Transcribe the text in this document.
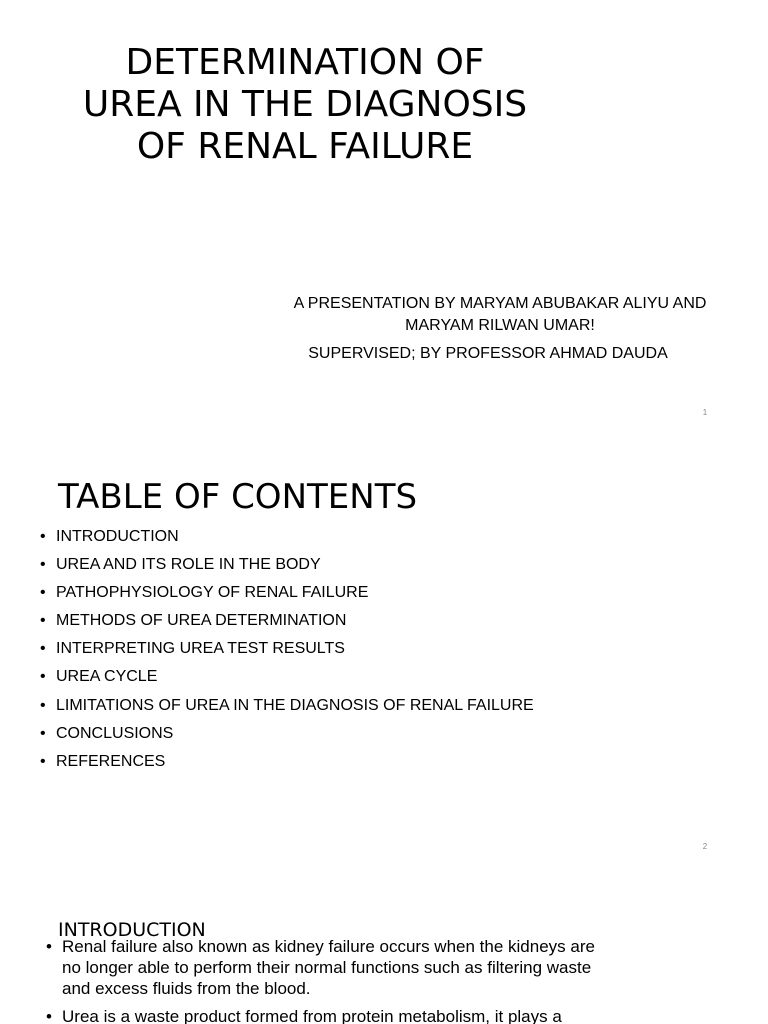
DETERMINATION OF UREA IN THE DIAGNOSIS OF RENAL FAILURE
A PRESENTATION BY MARYAM ABUBAKAR ALIYU AND MARYAM RILWAN UMAR!
SUPERVISED; BY PROFESSOR AHMAD DAUDA
1
TABLE OF CONTENTS
• INTRODUCTION
• UREA AND ITS ROLE IN THE BODY
• PATHOPHYSIOLOGY OF RENAL FAILURE
• METHODS OF UREA DETERMINATION
• INTERPRETING UREA TEST RESULTS
• UREA CYCLE
• LIMITATIONS OF UREA IN THE DIAGNOSIS OF RENAL FAILURE
• CONCLUSIONS
• REFERENCES
2
INTRODUCTION
• Renal failure also known as kidney failure occurs when the kidneys are no longer able to perform their normal functions such as filtering waste and excess fluids from the blood.
• Urea is a waste product formed from protein metabolism, it plays a
